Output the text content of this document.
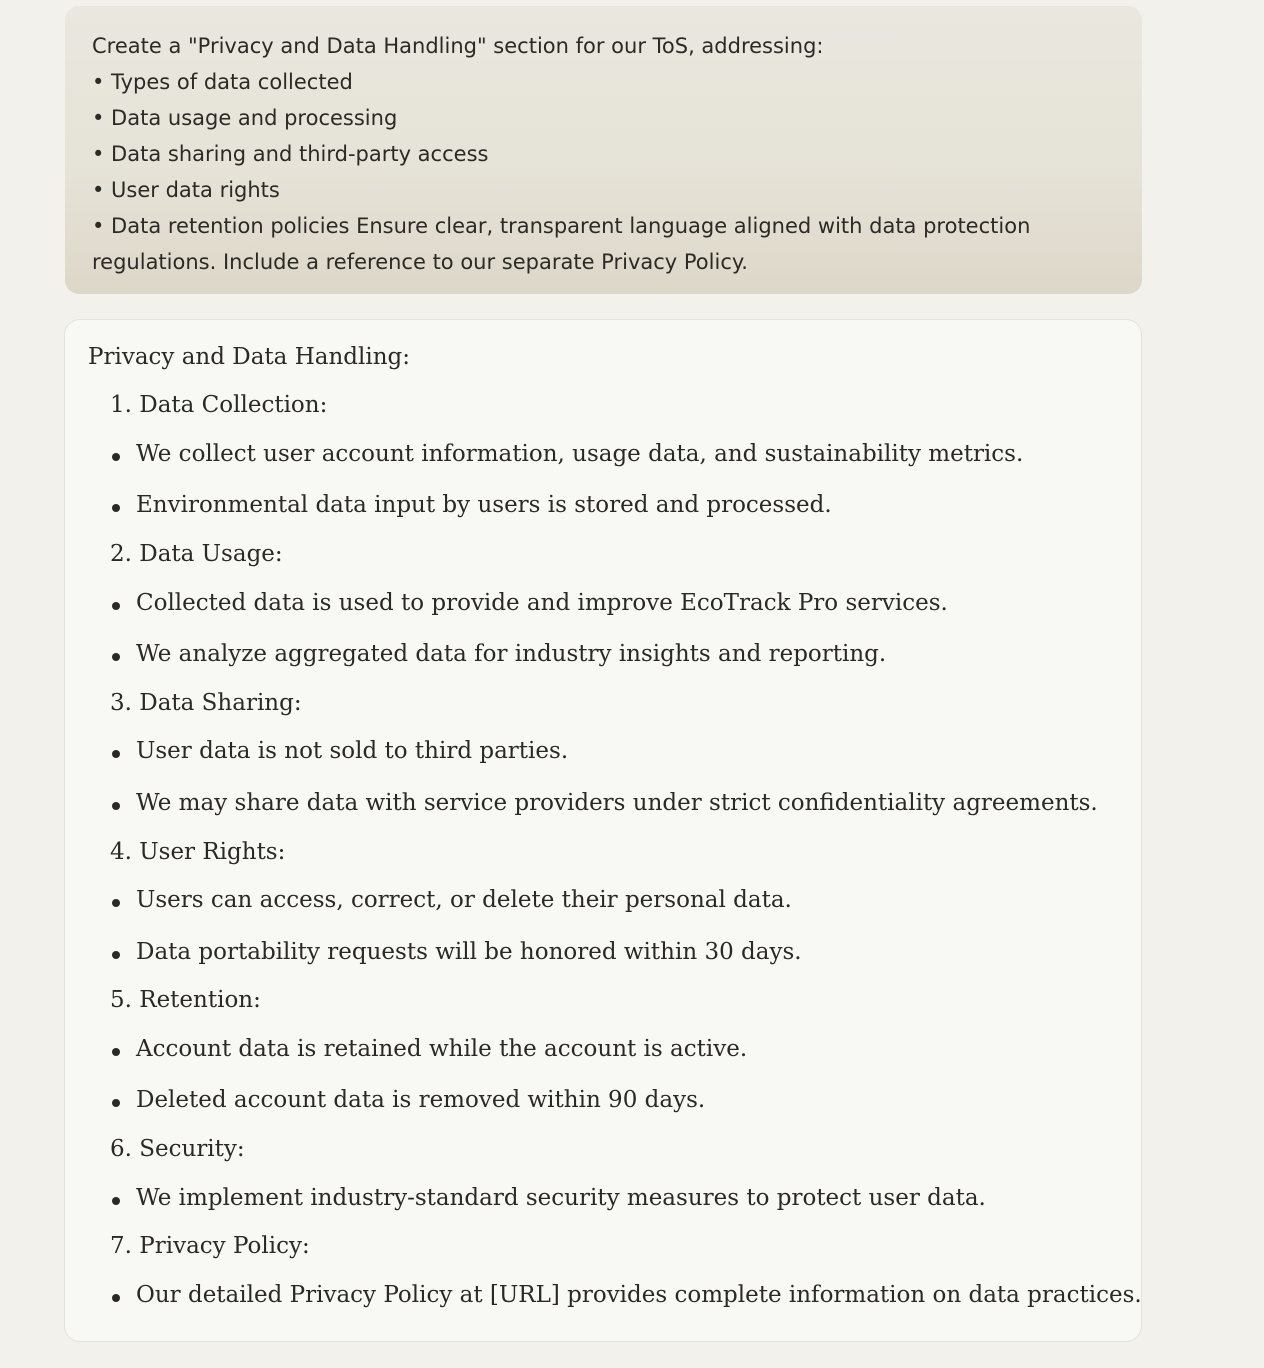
Create a "Privacy and Data Handling" section for our ToS, addressing:
• Types of data collected
• Data usage and processing
• Data sharing and third-party access
• User data rights
• Data retention policies Ensure clear, transparent language aligned with data protection
regulations. Include a reference to our separate Privacy Policy.
Privacy and Data Handling:
1. Data Collection:
We collect user account information, usage data, and sustainability metrics.
Environmental data input by users is stored and processed.
2. Data Usage:
Collected data is used to provide and improve EcoTrack Pro services.
We analyze aggregated data for industry insights and reporting.
3. Data Sharing:
User data is not sold to third parties.
We may share data with service providers under strict confidentiality agreements.
4. User Rights:
Users can access, correct, or delete their personal data.
Data portability requests will be honored within 30 days.
5. Retention:
Account data is retained while the account is active.
Deleted account data is removed within 90 days.
6. Security:
We implement industry-standard security measures to protect user data.
7. Privacy Policy:
Our detailed Privacy Policy at [URL] provides complete information on data practices.
